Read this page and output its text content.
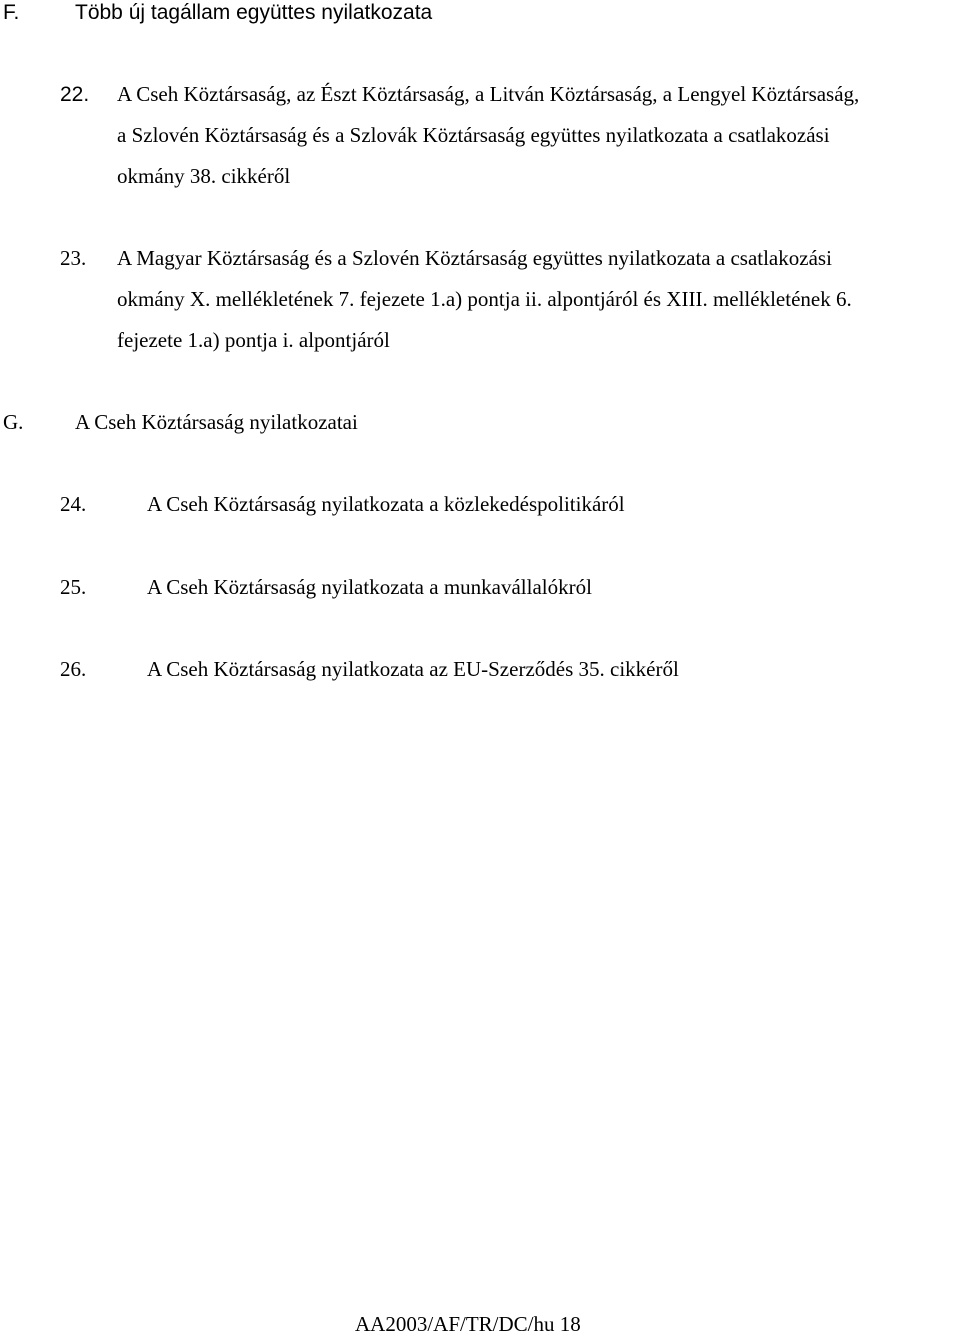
F.	Több új tagállam együttes nyilatkozata
22. A Cseh Köztársaság, az Észt Köztársaság, a Litván Köztársaság, a Lengyel Köztársaság,
a Szlovén Köztársaság és a Szlovák Köztársaság együttes nyilatkozata a csatlakozási
okmány 38. cikkéről
23. A Magyar Köztársaság és a Szlovén Köztársaság együttes nyilatkozata a csatlakozási
okmány X. mellékletének 7. fejezete 1.a) pontja ii. alpontjáról és XIII. mellékletének 6.
fejezete 1.a) pontja i. alpontjáról
G. A Cseh Köztársaság nyilatkozatai
24.	A Cseh Köztársaság nyilatkozata a közlekedéspolitikáról
25.	A Cseh Köztársaság nyilatkozata a munkavállalókról
26.	A Cseh Köztársaság nyilatkozata az EU-Szerződés 35. cikkéről
AA2003/AF/TR/DC/hu 18
